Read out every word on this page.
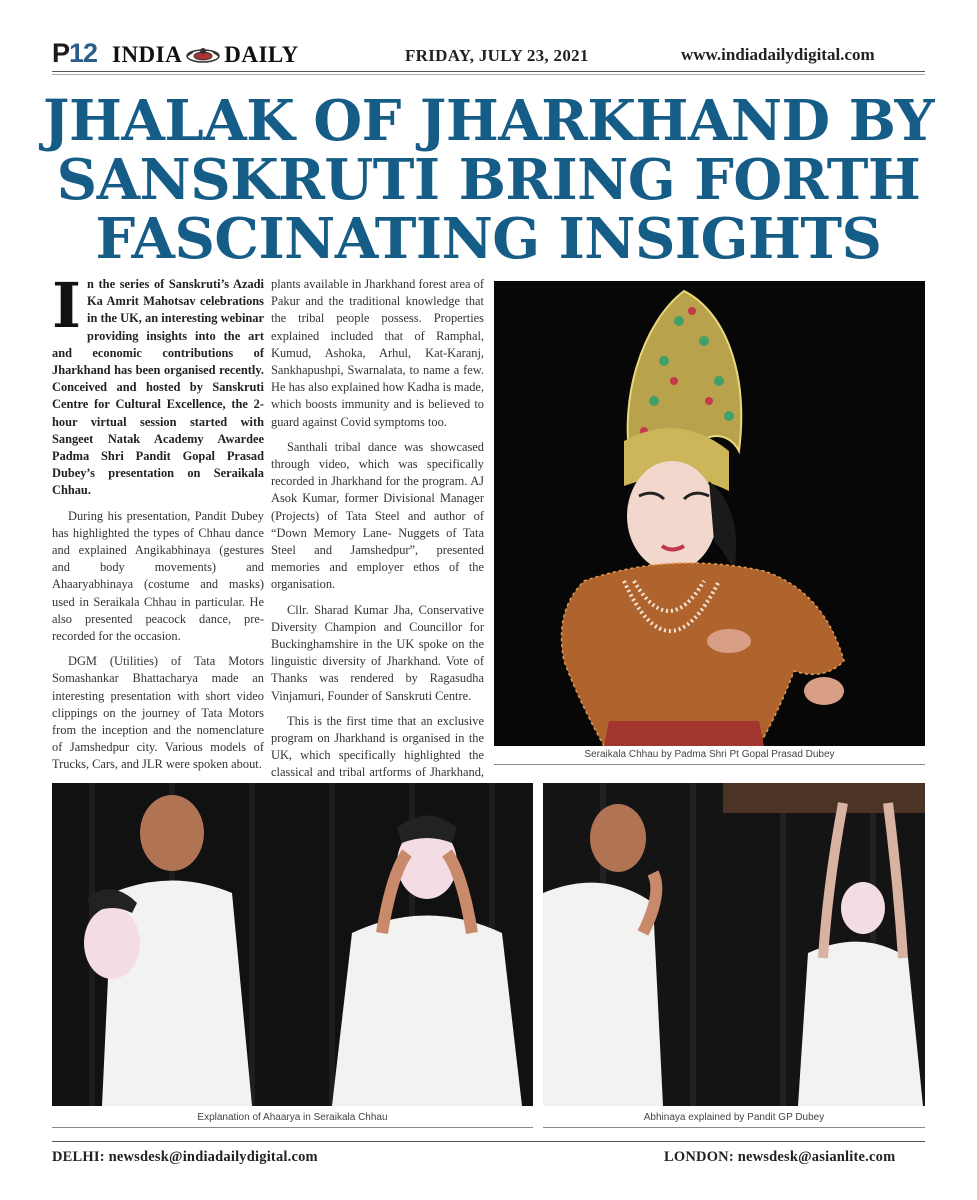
P12 INDIA DAILY	FRIDAY, JULY 23, 2021	www.indiadailydigital.com
JHALAK OF JHARKHAND BY SANSKRUTI BRING FORTH FASCINATING INSIGHTS

In the series of Sanskruti’s Azadi Ka Amrit Mahotsav celebrations in the UK, an interesting webinar providing insights into the art and economic contributions of Jharkhand has been organised recently. Conceived and hosted by Sanskruti Centre for Cultural Excellence, the 2-hour virtual session started with Sangeet Natak Academy Awardee Padma Shri Pandit Gopal Prasad Dubey’s presentation on Seraikala Chhau.

During his presentation, Pandit Dubey has highlighted the types of Chhau dance and explained Angikabhinaya (gestures and body movements) and Ahaaryabhinaya (costume and masks) used in Seraikala Chhau in particular. He also presented peacock dance, pre-recorded for the occasion.

DGM (Utilities) of Tata Motors Somashankar Bhattacharya made an interesting presentation with short video clippings on the journey of Tata Motors from the inception and the nomenclature of Jamshedpur city. Various models of Trucks, Cars, and JLR were spoken about.

plants available in Jharkhand forest area of Pakur and the traditional knowledge that the tribal people possess. Properties explained included that of Ramphal, Kumud, Ashoka, Arhul, Kat-Karanj, Sankhapushpi, Swarnalata, to name a few. He has also explained how Kadha is made, which boosts immunity and is believed to guard against Covid symptoms too.

Santhali tribal dance was showcased through video, which was specifically recorded in Jharkhand for the program. AJ Asok Kumar, former Divisional Manager (Projects) of Tata Steel and author of “Down Memory Lane- Nuggets of Tata Steel and Jamshedpur”, presented memories and employer ethos of the organisation.

Cllr. Sharad Kumar Jha, Conservative Diversity Champion and Councillor for Buckinghamshire in the UK spoke on the linguistic diversity of Jharkhand. Vote of Thanks was rendered by Ragasudha Vinjamuri, Founder of Sanskruti Centre.

This is the first time that an exclusive program on Jharkhand is organised in the UK, which specifically highlighted the classical and tribal artforms of Jharkhand,

Seraikala Chhau by Padma Shri Pt Gopal Prasad Dubey
Explanation of Ahaarya in Seraikala Chhau	Abhinaya explained by Pandit GP Dubey
DELHI: newsdesk@indiadailydigital.com	LONDON: newsdesk@asianlite.com
